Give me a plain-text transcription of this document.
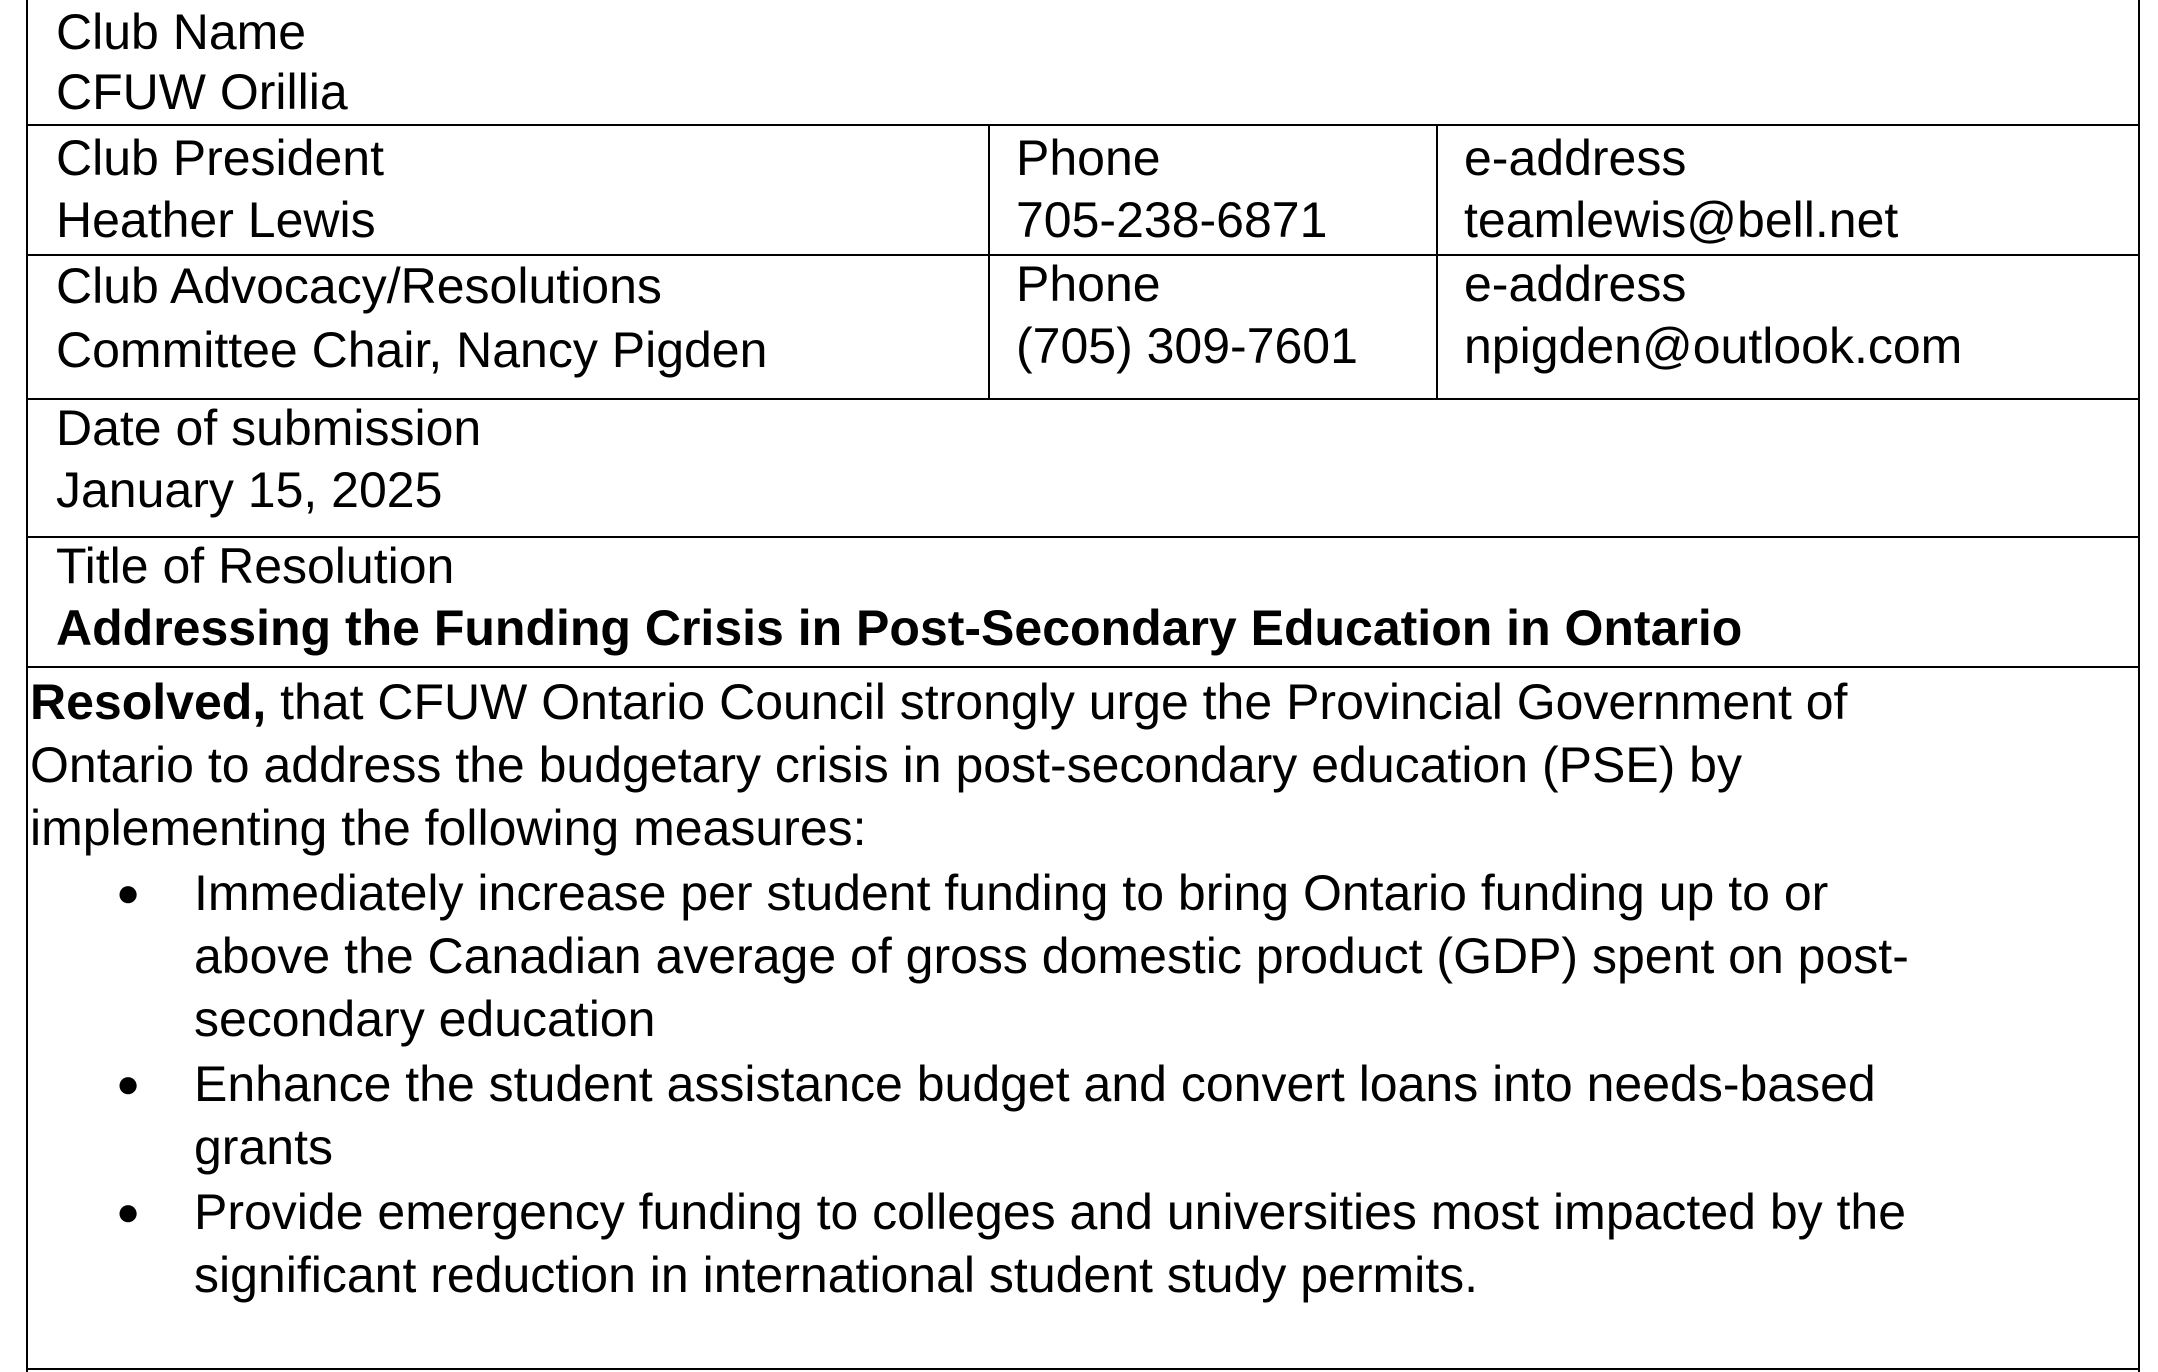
Club Name
CFUW Orillia
Club President
Heather Lewis
Phone
705-238-6871
e-address
teamlewis@bell.net
Club Advocacy/Resolutions
Committee Chair, Nancy Pigden
Phone
(705) 309-7601
e-address
npigden@outlook.com
Date of submission
January 15, 2025
Title of Resolution
Addressing the Funding Crisis in Post-Secondary Education in Ontario
Resolved, that CFUW Ontario Council strongly urge the Provincial Government of
Ontario to address the budgetary crisis in post-secondary education (PSE) by
implementing the following measures:
● Immediately increase per student funding to bring Ontario funding up to or
above the Canadian average of gross domestic product (GDP) spent on post-
secondary education
● Enhance the student assistance budget and convert loans into needs-based
grants
● Provide emergency funding to colleges and universities most impacted by the
significant reduction in international student study permits.
